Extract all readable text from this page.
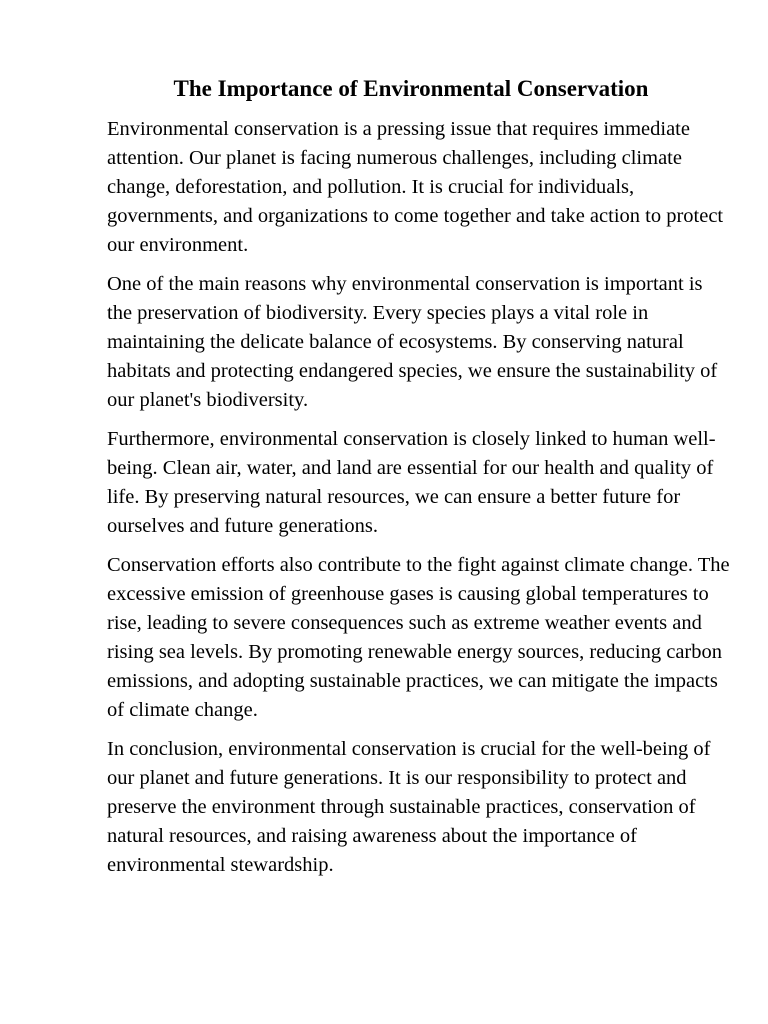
The Importance of Environmental Conservation

Environmental conservation is a pressing issue that requires immediate attention. Our planet is facing numerous challenges, including climate change, deforestation, and pollution. It is crucial for individuals, governments, and organizations to come together and take action to protect our environment.

One of the main reasons why environmental conservation is important is the preservation of biodiversity. Every species plays a vital role in maintaining the delicate balance of ecosystems. By conserving natural habitats and protecting endangered species, we ensure the sustainability of our planet's biodiversity.

Furthermore, environmental conservation is closely linked to human well-being. Clean air, water, and land are essential for our health and quality of life. By preserving natural resources, we can ensure a better future for ourselves and future generations.

Conservation efforts also contribute to the fight against climate change. The excessive emission of greenhouse gases is causing global temperatures to rise, leading to severe consequences such as extreme weather events and rising sea levels. By promoting renewable energy sources, reducing carbon emissions, and adopting sustainable practices, we can mitigate the impacts of climate change.

In conclusion, environmental conservation is crucial for the well-being of our planet and future generations. It is our responsibility to protect and preserve the environment through sustainable practices, conservation of natural resources, and raising awareness about the importance of environmental stewardship.
